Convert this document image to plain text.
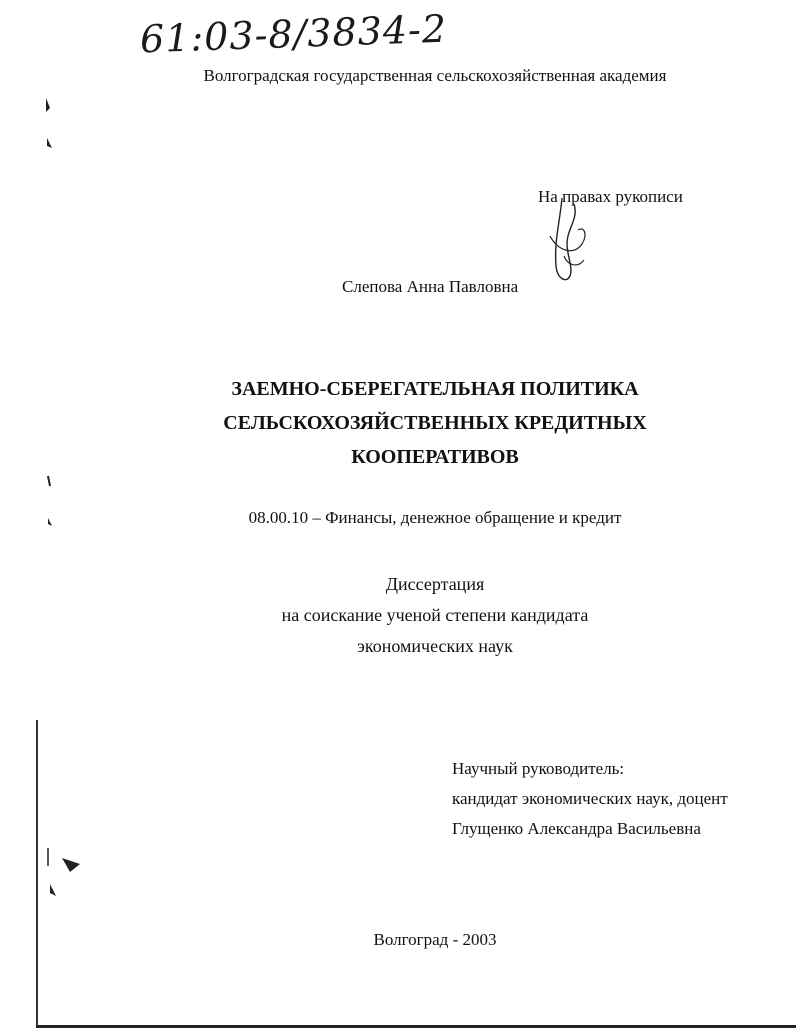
61:03-8/3834-2
Волгоградская государственная сельскохозяйственная академия
На правах рукописи
Слепова Анна Павловна
ЗАЕМНО-СБЕРЕГАТЕЛЬНАЯ ПОЛИТИКА
СЕЛЬСКОХОЗЯЙСТВЕННЫХ КРЕДИТНЫХ
КООПЕРАТИВОВ
08.00.10 – Финансы, денежное обращение и кредит
Диссертация
на соискание ученой степени кандидата
экономических наук
Научный руководитель:
кандидат экономических наук, доцент
Глущенко Александра Васильевна
Волгоград - 2003
